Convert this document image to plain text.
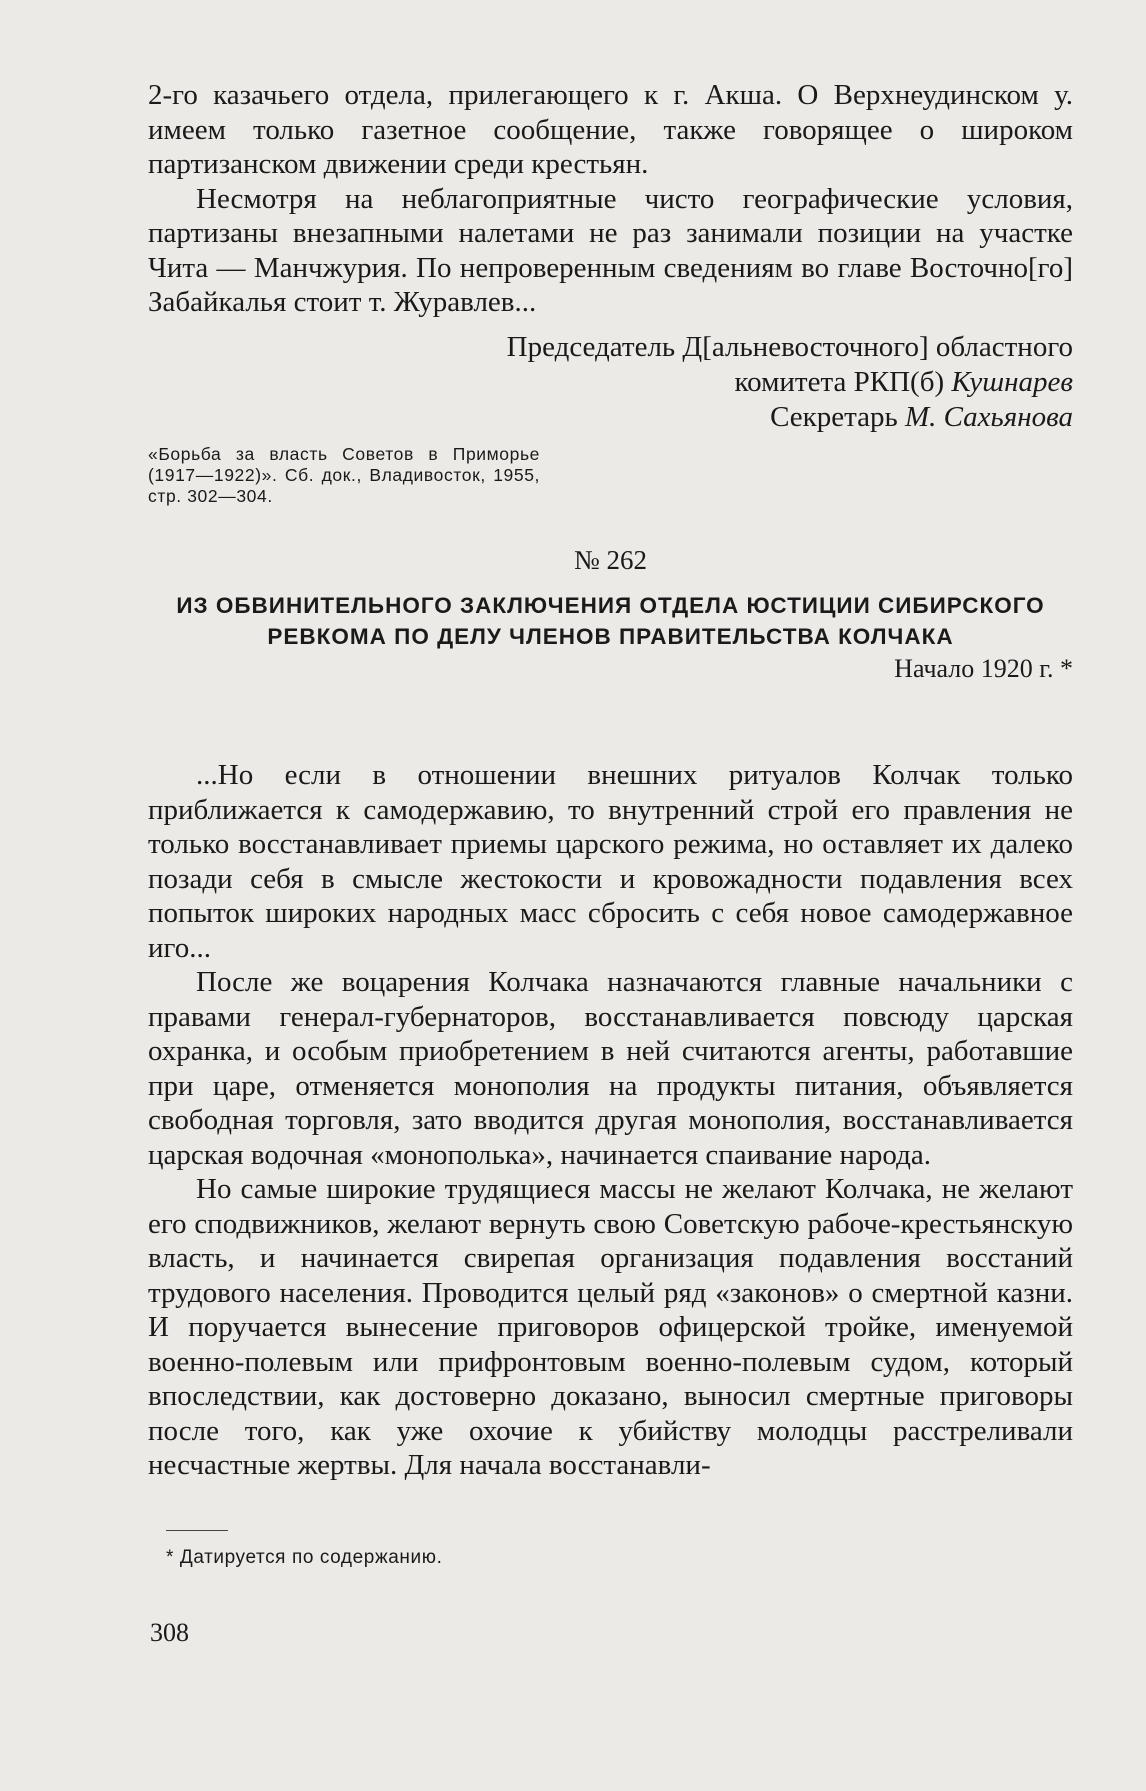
2-го казачьего отдела, прилегающего к г. Акша. О Верхнеудинском у. имеем только газетное сообщение, также говорящее о широком партизанском движении среди крестьян.

Несмотря на неблагоприятные чисто географические условия, партизаны внезапными налетами не раз занимали позиции на участке Чита — Манчжурия. По непроверенным сведениям во главе Восточно[го] Забайкалья стоит т. Журавлев...

Председатель Д[альневосточного] областного

комитета РКП(б) Кушнарев

Секретарь М. Сахьянова

«Борьба за власть Советов в Приморье (1917—1922)». Сб. док., Владивосток, 1955, стр. 302—304.

№ 262

ИЗ ОБВИНИТЕЛЬНОГО ЗАКЛЮЧЕНИЯ ОТДЕЛА ЮСТИЦИИ СИБИРСКОГО РЕВКОМА ПО ДЕЛУ ЧЛЕНОВ ПРАВИТЕЛЬСТВА КОЛЧАКА

Начало 1920 г. *

...Но если в отношении внешних ритуалов Колчак только приближается к самодержавию, то внутренний строй его правления не только восстанавливает приемы царского режима, но оставляет их далеко позади себя в смысле жестокости и кровожадности подавления всех попыток широких народных масс сбросить с себя новое самодержавное иго...

После же воцарения Колчака назначаются главные начальники с правами генерал-губернаторов, восстанавливается повсюду царская охранка, и особым приобретением в ней считаются агенты, работавшие при царе, отменяется монополия на продукты питания, объявляется свободная торговля, зато вводится другая монополия, восстанавливается царская водочная «монополька», начинается спаивание народа.

Но самые широкие трудящиеся массы не желают Колчака, не желают его сподвижников, желают вернуть свою Советскую рабоче-крестьянскую власть, и начинается свирепая организация подавления восстаний трудового населения. Проводится целый ряд «законов» о смертной казни. И поручается вынесение приговоров офицерской тройке, именуемой военно-полевым или прифронтовым военно-полевым судом, который впоследствии, как достоверно доказано, выносил смертные приговоры после того, как уже охочие к убийству молодцы расстреливали несчастные жертвы. Для начала восстанавли-

* Датируется по содержанию.

308
